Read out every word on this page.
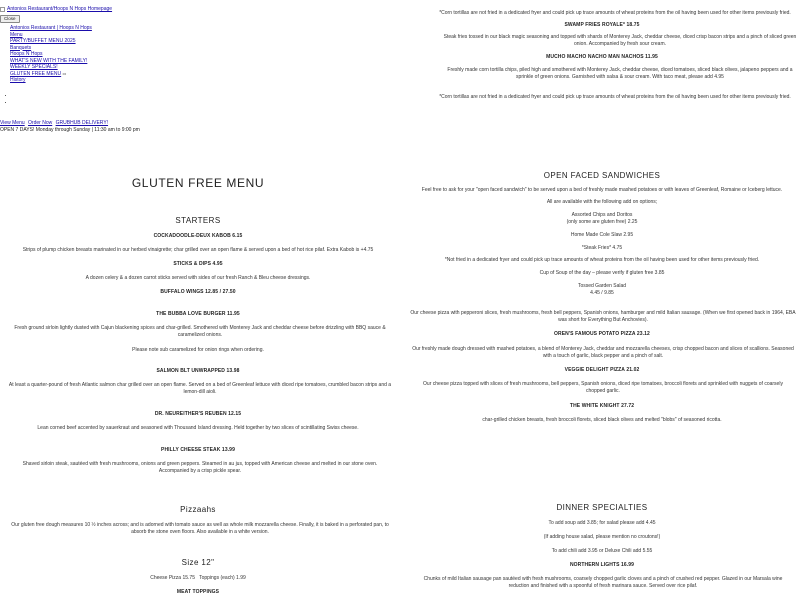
Antonios Restaurant/Hoops N Hops Homepage
Close
Antonios Restaurant | Hoops N Hops
Menu
PARTY/BUFFET MENU 2025
Banquets
Hoops N Hops
WHAT'S NEW WITH THE FAMILY!
WEEKLY SPECIALS!
GLUTEN FREE MENU ▭
History
•
•
View Menu Order Now GRUBHUB DELIVERY!
OPEN 7 DAYS! Monday through Sunday | 11:30 am to 9:00 pm
*Corn tortillas are not fried in a dedicated fryer and could pick up trace amounts of wheat proteins from the oil having been used for other items previously fried.
SWAMP FRIES ROYALE* 18.75
Steak fries tossed in our black magic seasoning and topped with shards of Monterey Jack, cheddar cheese, diced crisp bacon strips and a pinch of sliced green onion. Accompanied by fresh sour cream.
MUCHO MACHO NACHO MAN NACHOS 11.95
Freshly made corn tortilla chips, piled high and smothered with Monterey Jack, cheddar cheese, diced tomatoes, sliced black olives, jalapeno peppers and a sprinkle of green onions. Garnished with salsa & sour cream. With taco meat, please add 4.95
*Corn tortillas are not fried in a dedicated fryer and could pick up trace amounts of wheat proteins from the oil having been used for other items previously fried.
GLUTEN FREE MENU
STARTERS
COCKADOODLE-DEUX KABOB 6.15
Strips of plump chicken breasts marinated in our herbed vinaigrette; char grilled over an open flame & served upon a bed of hot rice pilaf. Extra Kabob is +4.75
STICKS & DIPS 4.95
A dozen celery & a dozen carrot sticks served with sides of our fresh Ranch & Bleu cheese dressings.
BUFFALO WINGS 12.85 / 27.50
THE BUBBA LOVE BURGER 11.95
Fresh ground sirloin lightly dusted with Cajun blackening spices and char-grilled. Smothered with Monterey Jack and cheddar cheese before drizzling with BBQ sauce & caramelized onions.
Please note sub caramelized for onion rings when ordering.
SALMON BLT UNWRAPPED 13.98
At least a quarter-pound of fresh Atlantic salmon char grilled over an open flame. Served on a bed of Greenleaf lettuce with diced ripe tomatoes, crumbled bacon strips and a lemon-dill aioli.
DR. NEUREITHER'S REUBEN 12.15
Lean corned beef accented by sauerkraut and seasoned with Thousand Island dressing. Held together by two slices of scintillating Swiss cheese.
PHILLY CHEESE STEAK 13.99
Shaved sirloin steak, sautéed with fresh mushrooms, onions and green peppers. Steamed in au jus, topped with American cheese and melted in our stone oven. Accompanied by a crisp pickle spear.
Pizzaahs
Our gluten free dough measures 10 ½ inches across; and is adorned with tomato sauce as well as whole milk mozzarella cheese. Finally, it is baked in a perforated pan, to absorb the stone oven floors. Also available in a white version.
Size 12"
Cheese Pizza 15.75 Toppings (each) 1.99
MEAT TOPPINGS
OPEN FACED SANDWICHES
Feel free to ask for your "open faced sandwich" to be served upon a bed of freshly made mashed potatoes or with leaves of Greenleaf, Romaine or Iceberg lettuce.
All are available with the following add on options;
Assorted Chips and Doritos
(only some are gluten free) 2.25
Home Made Cole Slaw 2.95
*Steak Fries* 4.75
*Not fried in a dedicated fryer and could pick up trace amounts of wheat proteins from the oil having been used for other items previously fried.
Cup of Soup of the day – please verify if gluten free 3.85
Tossed Garden Salad
4.45 / 9.85
Our cheese pizza with pepperoni slices, fresh mushrooms, fresh bell peppers, Spanish onions, hamburger and mild Italian sausage. (When we first opened back in 1964, EBA was short for Everything But Anchovies).
OREN'S FAMOUS POTATO PIZZA 23.12
Our freshly made dough dressed with mashed potatoes, a blend of Monterey Jack, cheddar and mozzarella cheeses, crisp chopped bacon and slices of scallions. Seasoned with a touch of garlic, black pepper and a pinch of salt.
VEGGIE DELIGHT PIZZA 21.02
Our cheese pizza topped with slices of fresh mushrooms, bell peppers, Spanish onions, diced ripe tomatoes, broccoli florets and sprinkled with nuggets of coarsely chopped garlic.
THE WHITE KNIGHT 27.72
char-grilled chicken breasts, fresh broccoli florets, sliced black olives and melted "blobs" of seasoned ricotta.
DINNER SPECIALTIES
To add soup add 3.85; for salad please add 4.45
(If adding house salad, please mention no croutons!)
To add chili add 3.95 or Deluxe Chili add 5.55
NORTHERN LIGHTS 16.99
Chunks of mild Italian sausage pan sautéed with fresh mushrooms, coarsely chopped garlic cloves and a pinch of crushed red pepper. Glazed in our Marsala wine reduction and finished with a spoonful of fresh marinara sauce. Served over rice pilaf.
